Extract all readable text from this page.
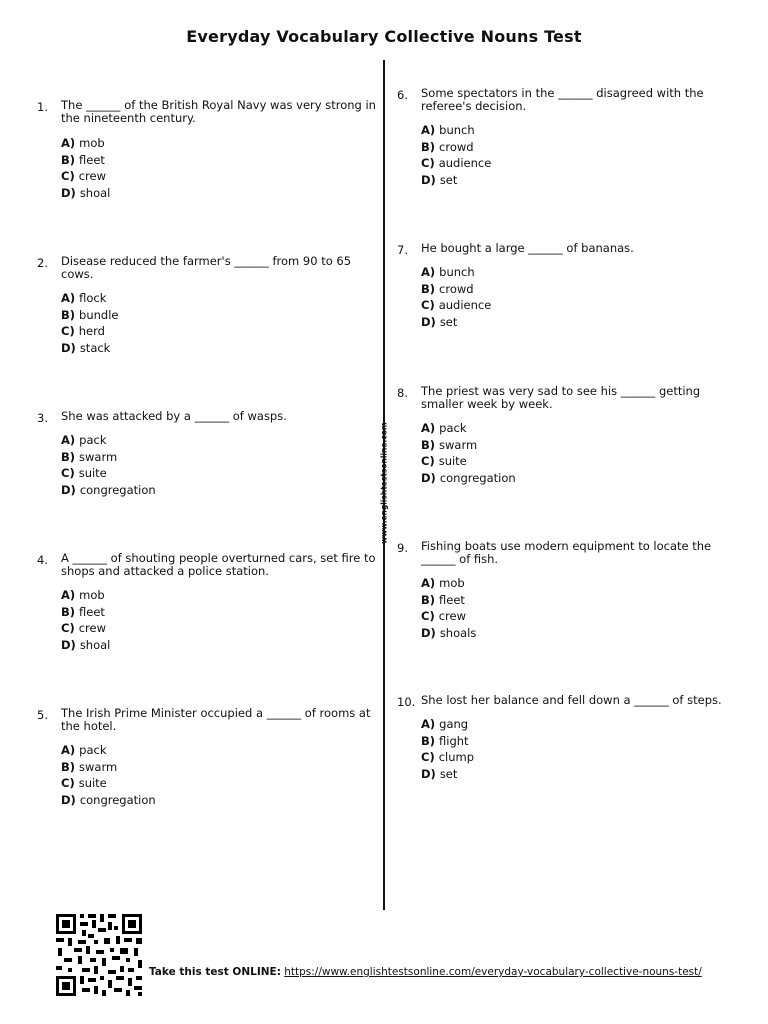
Everyday Vocabulary Collective Nouns Test
www.englishtestsonline.com
1.	The ______ of the British Royal Navy was very strong in the nineteenth century.
A) mob
B) fleet
C) crew
D) shoal
2.	Disease reduced the farmer's ______ from 90 to 65 cows.
A) flock
B) bundle
C) herd
D) stack
3.	She was attacked by a ______ of wasps.
A) pack
B) swarm
C) suite
D) congregation
4.	A ______ of shouting people overturned cars, set fire to shops and attacked a police station.
A) mob
B) fleet
C) crew
D) shoal
5.	The Irish Prime Minister occupied a ______ of rooms at the hotel.
A) pack
B) swarm
C) suite
D) congregation
6.	Some spectators in the ______ disagreed with the referee's decision.
A) bunch
B) crowd
C) audience
D) set
7.	He bought a large ______ of bananas.
A) bunch
B) crowd
C) audience
D) set
8.	The priest was very sad to see his ______ getting smaller week by week.
A) pack
B) swarm
C) suite
D) congregation
9.	Fishing boats use modern equipment to locate the ______ of fish.
A) mob
B) fleet
C) crew
D) shoals
10. She lost her balance and fell down a ______ of steps.
A) gang
B) flight
C) clump
D) set
Take this test ONLINE: https://www.englishtestsonline.com/everyday-vocabulary-collective-nouns-test/
